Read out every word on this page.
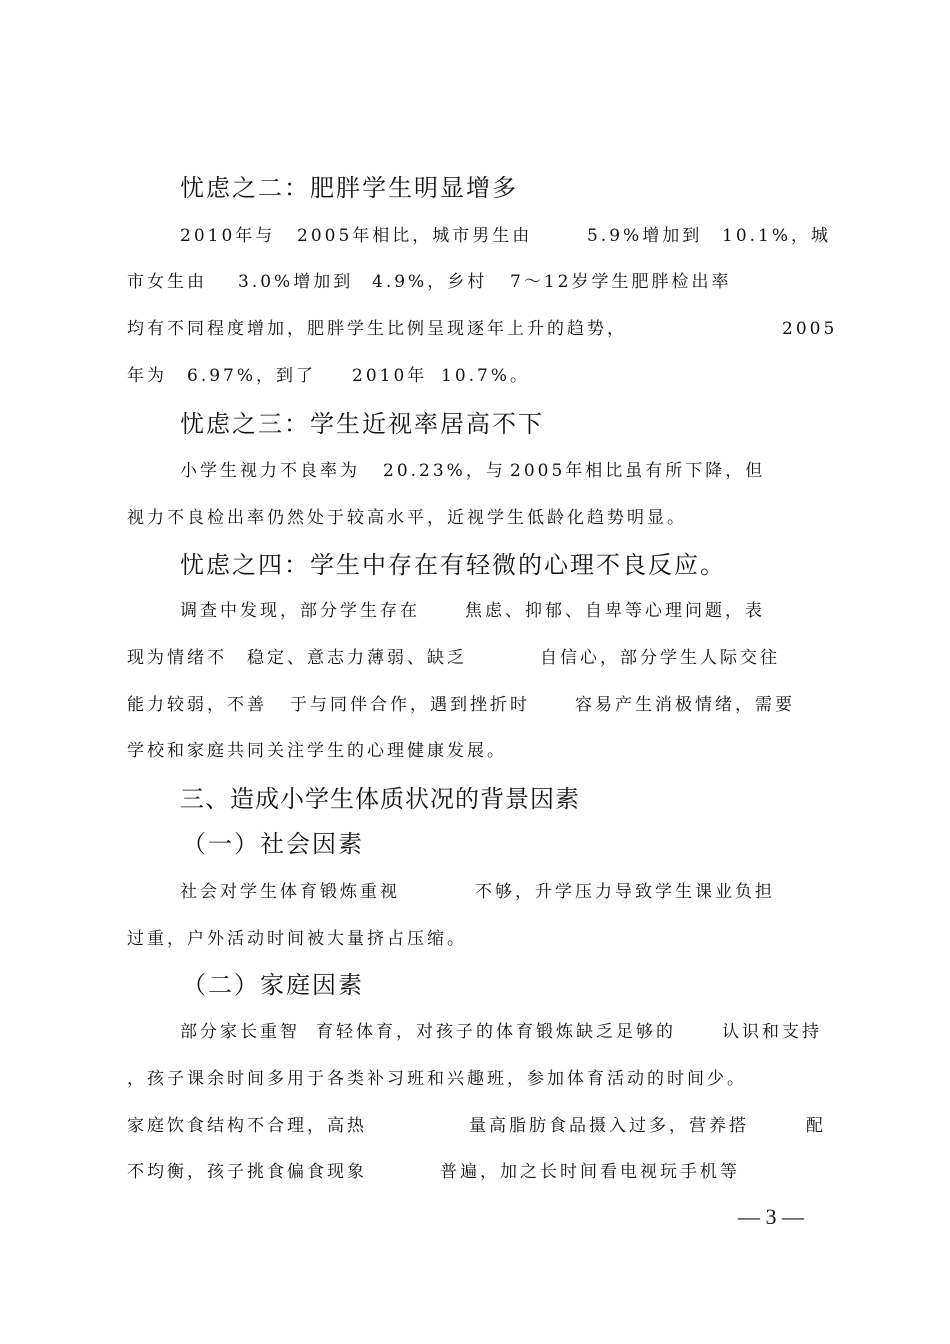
忧虑之二：肥胖学生明显增多
2010年与 2005年相比，城市男生由	5.9%增加到 10.1%，城
市女生由 3.0%增加到 4.9%，乡村 7～12岁学生肥胖检出率
均有不同程度增加，肥胖学生比例呈现逐年上升的趋势，	2005
年为 6.97%，到了 2010年 10.7%。
忧虑之三：学生近视率居高不下
小学生视力不良率为 20.23%，与 2005年相比虽有所下降，但
视力不良检出率仍然处于较高水平，近视学生低龄化趋势明显。
忧虑之四：学生中存在有轻微的心理不良反应。
调查中发现，部分学生存在	焦虑、抑郁、自卑等心理问题，表
现为情绪不 稳定、意志力薄弱、缺乏	自信心，部分学生人际交往
能力较弱，不善 于与同伴合作，遇到挫折时	容易产生消极情绪，需要
学校和家庭共同关注学生的心理健康发展。
三、造成小学生体质状况的背景因素
（一）社会因素
社会对学生体育锻炼重视	不够，升学压力导致学生课业负担
过重，户外活动时间被大量挤占压缩。
（二）家庭因素
部分家长重智 育轻体育，对孩子的体育锻炼缺乏足够的	认识和支持
，孩子课余时间多用于各类补习班和兴趣班，参加体育活动的时间少。
家庭饮食结构不合理，高热	量高脂肪食品摄入过多，营养搭	配
不均衡，孩子挑食偏食现象	普遍，加之长时间看电视玩手机等
— 3 —
